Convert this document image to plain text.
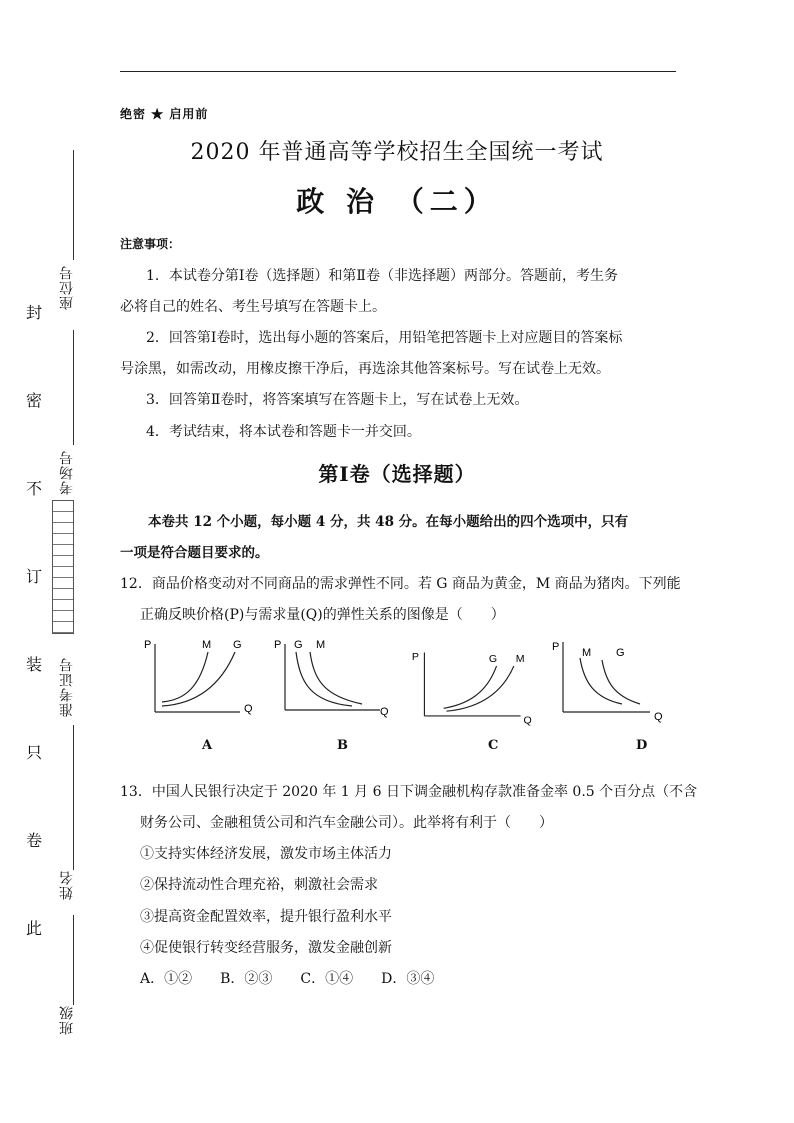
绝密 ★ 启用前
2020 年普通高等学校招生全国统一考试
政 治 （二）
座位号
考场号
准考证号
姓名
班级
封
密
不
订
装
只
卷
此
注意事项：
1．本试卷分第Ⅰ卷（选择题）和第Ⅱ卷（非选择题）两部分。答题前，考生务
必将自己的姓名、考生号填写在答题卡上。
2．回答第Ⅰ卷时，选出每小题的答案后，用铅笔把答题卡上对应题目的答案标
号涂黑，如需改动，用橡皮擦干净后，再选涂其他答案标号。写在试卷上无效。
3．回答第Ⅱ卷时，将答案填写在答题卡上，写在试卷上无效。
4．考试结束，将本试卷和答题卡一并交回。
第Ⅰ卷（选择题）
本卷共 12 个小题，每小题 4 分，共 48 分。在每小题给出的四个选项中，只有
一项是符合题目要求的。
12．商品价格变动对不同商品的需求弹性不同。若 G 商品为黄金，M 商品为猪肉。下列能
正确反映价格(P)与需求量(Q)的弹性关系的图像是（　　）
P
Q
M G
A
P
Q
G M
B
P
Q
G M
C
P
Q
M G
D
13．中国人民银行决定于 2020 年 1 月 6 日下调金融机构存款准备金率 0.5 个百分点（不含
财务公司、金融租赁公司和汽车金融公司）。此举将有利于（　　）
①支持实体经济发展，激发市场主体活力
②保持流动性合理充裕，刺激社会需求
③提高资金配置效率，提升银行盈利水平
④促使银行转变经营服务，激发金融创新
A．①②　　B．②③　　C．①④　　D．③④
